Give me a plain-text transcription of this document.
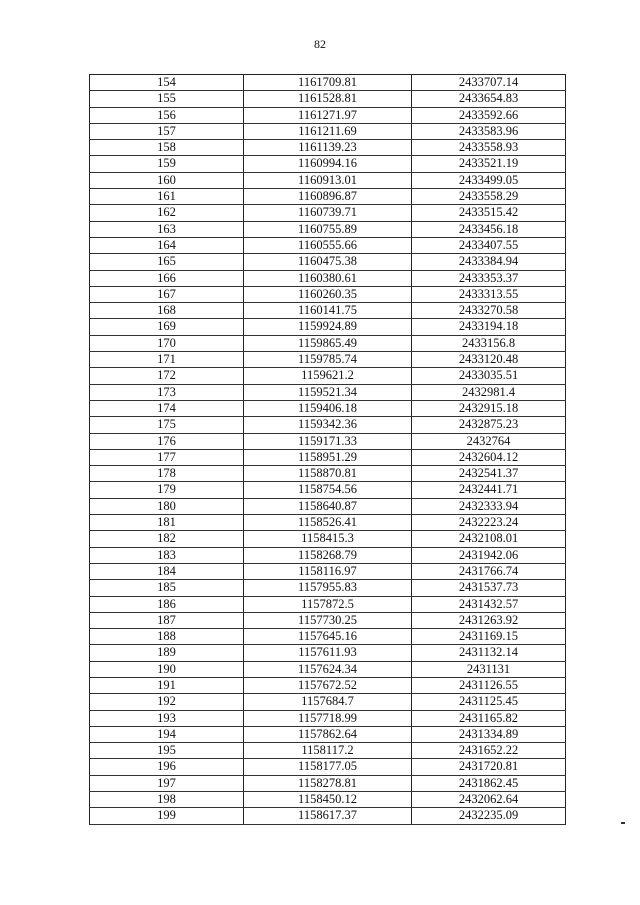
82
154	1161709.81	2433707.14
155	1161528.81	2433654.83
156	1161271.97	2433592.66
157	1161211.69	2433583.96
158	1161139.23	2433558.93
159	1160994.16	2433521.19
160	1160913.01	2433499.05
161	1160896.87	2433558.29
162	1160739.71	2433515.42
163	1160755.89	2433456.18
164	1160555.66	2433407.55
165	1160475.38	2433384.94
166	1160380.61	2433353.37
167	1160260.35	2433313.55
168	1160141.75	2433270.58
169	1159924.89	2433194.18
170	1159865.49	2433156.8
171	1159785.74	2433120.48
172	1159621.2	2433035.51
173	1159521.34	2432981.4
174	1159406.18	2432915.18
175	1159342.36	2432875.23
176	1159171.33	2432764
177	1158951.29	2432604.12
178	1158870.81	2432541.37
179	1158754.56	2432441.71
180	1158640.87	2432333.94
181	1158526.41	2432223.24
182	1158415.3	2432108.01
183	1158268.79	2431942.06
184	1158116.97	2431766.74
185	1157955.83	2431537.73
186	1157872.5	2431432.57
187	1157730.25	2431263.92
188	1157645.16	2431169.15
189	1157611.93	2431132.14
190	1157624.34	2431131
191	1157672.52	2431126.55
192	1157684.7	2431125.45
193	1157718.99	2431165.82
194	1157862.64	2431334.89
195	1158117.2	2431652.22
196	1158177.05	2431720.81
197	1158278.81	2431862.45
198	1158450.12	2432062.64
199	1158617.37	2432235.09
